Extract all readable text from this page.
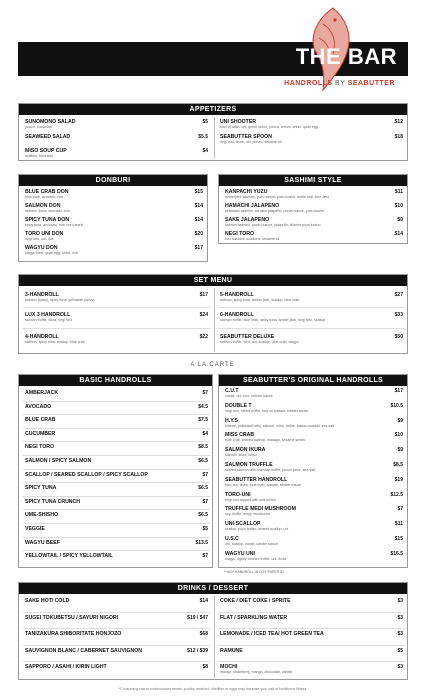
THE BAR
HANDROLLS BY SEABUTTER
APPETIZERS
SUNOMONO SALAD
ponzu, cucumber
$5
SEAWEED SALAD	$5.5
MISO SOUP CUP
scallion, fried tofu
$4
UNI SHOOTER
shot of sake, uni, green onion, ponzu, lemon, shiso, quail egg
$12
SEABUTTER SPOON
negi toro, ikura, uni, ponzu, sesame oil
$18
DONBURI
BLUE CRAB DON
blue crab, avocado, rice
$15
SALMON DON
salmon, ikura, avocado, rice
$14
SPICY TUNA DON
spicy tuna, avocado, rice, nori pearls
$14
TORO UNI DON
negi toro, uni, rice
$20
WAGYU DON
wagyu beef, quail egg, chive, rice
$17
SASHIMI STYLE
KANPACHI YUZU
amberjack sashimi, yuzu sauce, yuzu kosho, truffle salt, lime zest
$11
HAMACHI JALAPENO
yellowtail sashimi, serrano jalapeño, ponzu sauce, yuzu kosho
$10
SAKE JALAPENO
salmon sashimi, ponzu sauce, jalapeño, cilantro yuzu kosho
$9
NEGI TORO
toro sashimi, scallions, sesame oil
$14
SET MENU
3-HANDROLL
salmon (spicy), spicy tuna, yellowtail (spicy)
$17
LUX 3 HANDROLL
salmon truffle, ikura, negi toro
$24
4-HANDROLL
salmon, spicy tuna, scallop, blue crab
$22
5-HANDROLL
salmon, spicy tuna, amber jack, scallop, blue crab
$27
6-HANDROLL
salmon truffle, blue crab, spicy tuna, amber jack, negi toro, scallop
$33
SEABUTTER DELUXE
salmon truffle, toro, uni, scallop, blue crab, wagyu
$50
A LA CARTE
BASIC HANDROLLS
AMBERJACK	$7
AVOCADO	$4.5
BLUE CRAB	$7.5
CUCUMBER	$4
NEGI TORO	$8.5
SALMON / SPICY SALMON	$6.5
SCALLOP / SEARED SCALLOP / SPICY SCALLOP	$7
SPICY TUNA	$6.5
SPICY TUNA CRUNCH	$7
UME-SHISHO	$6.5
VEGGIE	$5
WAGYU BEEF	$13.5
YELLOWTAIL / SPICY YELLOWTAIL	$7
SEABUTTER'S ORIGINAL HANDROLLS
C.U.T
caviar, uni, toro, lobster sauce
$17
DOUBLE T
negi toro, sliced truffle, toro w/ wasabi, lobster sauce
$10.5
H.Y.S
hirame, yellowtail belly, salmon, miso, truffle, tosazu wasabi, sea salt
$9
MISS CRAB
blue crab, seared scallop, masago, sesame seeds
$10
SALMON IKURA
salmon, ikura, shiso
$9
SALMON TRUFFLE
seared salmon with shimaaji truffle, ponzu jurez, sea salt
$8.5
SEABUTTER HANDROLL
toro, uni, ikura, blue crab, wasabi, lobster sauce
$19
TORO-UNI
negi toro topped with sea urchin
$12.5
TRUFFLE MEDI MUSHROOM
soy, truffle, mepp mushroom
$7
UNI-SCALLOP
scallop, yuzu tobiko, seared scallop, uni
$11
U.S.C
uni, scallop, caviar, lobster sauce
$15
WAGYU UNI
wagyu, lightly torched truffle, uni, ikura
$16.5
**ANY HANDROLL IN SOY PAPER $1
DRINKS / DESSERT
SAKE HOT/ COLD	$14
SUGEI TOKUBETSU / SAYURI NIGORI	$19 / $47
TANIZAKURA SHIBORITATE HONJOZO	$68
SAUVIGNON BLANC / CABERNET SAUVIGNON	$12 / $39
SAPPORO / ASAHI / KIRIN LIGHT	$8
COKE / DIET COKE / SPRITE	$3
FLAT / SPARKLING WATER	$3
LEMONADE / ICED TEA/ HOT GREEN TEA	$3
RAMUNE	$5
MOCHI
mango, strawberry, mango, chocolate, vanilla
$3
*Consuming raw or undercooked meats, poultry, seafood, shellfish or eggs may increase your risk of foodborne illness
